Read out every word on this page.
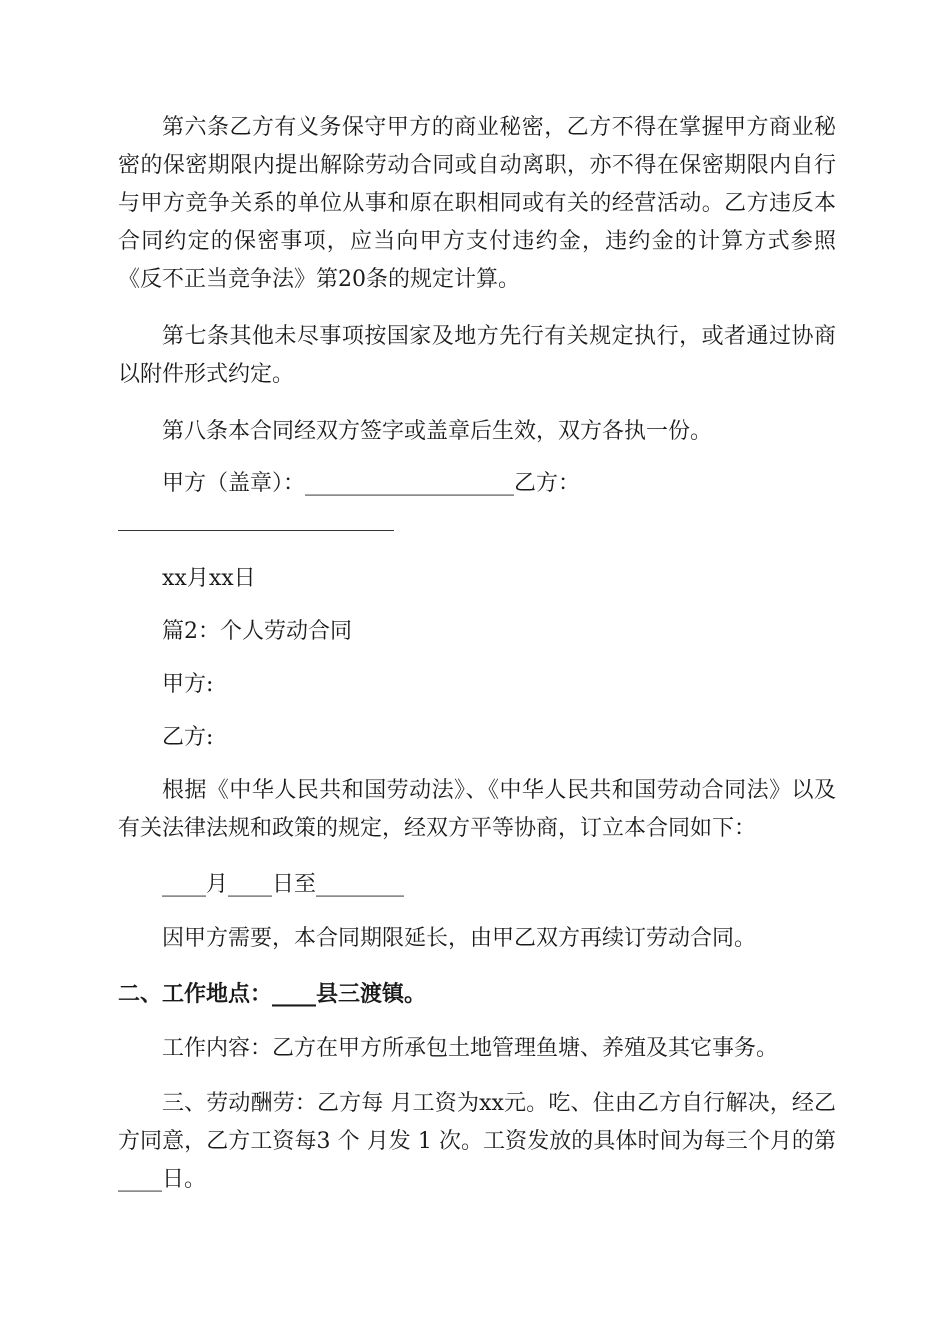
第六条乙方有义务保守甲方的商业秘密，乙方不得在掌握甲方商业秘密的保密期限内提出解除劳动合同或自动离职，亦不得在保密期限内自行与甲方竞争关系的单位从事和原在职相同或有关的经营活动。乙方违反本合同约定的保密事项，应当向甲方支付违约金，违约金的计算方式参照《反不正当竞争法》第20条的规定计算。

第七条其他未尽事项按国家及地方先行有关规定执行，或者通过协商以附件形式约定。

第八条本合同经双方签字或盖章后生效，双方各执一份。

甲方（盖章）：___________________乙方：

xx月xx日

篇2：个人劳动合同

甲方:

乙方:

根据《中华人民共和国劳动法》、《中华人民共和国劳动合同法》以及有关法律法规和政策的规定，经双方平等协商，订立本合同如下：

____月____日至________

因甲方需要，本合同期限延长，由甲乙双方再续订劳动合同。

二、工作地点：____县三渡镇。

工作内容：乙方在甲方所承包土地管理鱼塘、养殖及其它事务。

三、劳动酬劳：乙方每 月工资为xx元。吃、住由乙方自行解决，经乙方同意，乙方工资每3 个 月发 1 次。工资发放的具体时间为每三个月的第____日。
